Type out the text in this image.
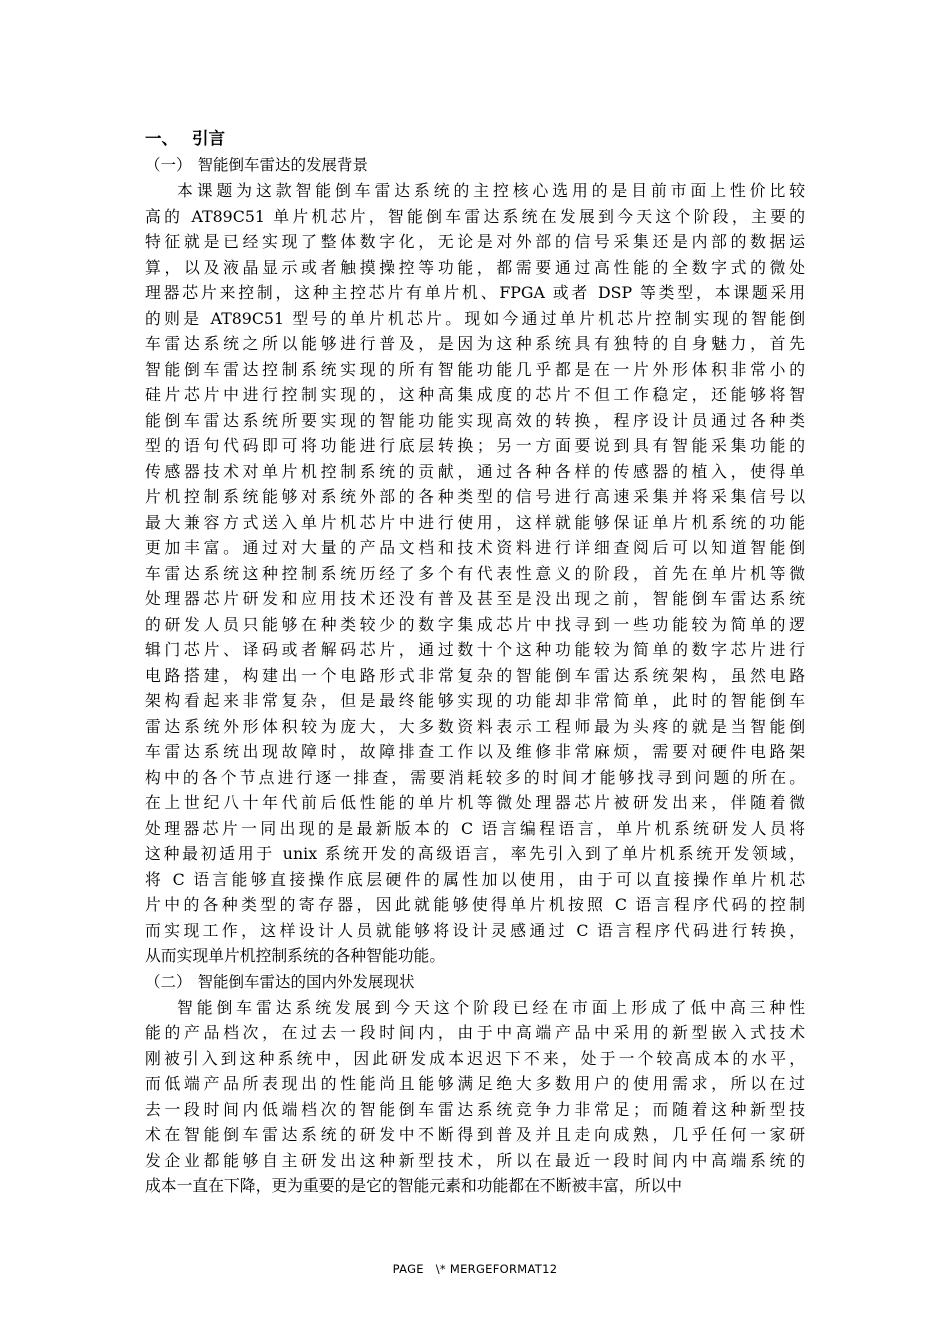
一、 引言
（一） 智能倒车雷达的发展背景
本课题为这款智能倒车雷达系统的主控核心选用的是目前市面上性价比较
高的 AT89C51 单片机芯片，智能倒车雷达系统在发展到今天这个阶段，主要的
特征就是已经实现了整体数字化，无论是对外部的信号采集还是内部的数据运
算，以及液晶显示或者触摸操控等功能，都需要通过高性能的全数字式的微处
理器芯片来控制，这种主控芯片有单片机、FPGA 或者 DSP 等类型，本课题采用
的则是 AT89C51 型号的单片机芯片。现如今通过单片机芯片控制实现的智能倒
车雷达系统之所以能够进行普及，是因为这种系统具有独特的自身魅力，首先
智能倒车雷达控制系统实现的所有智能功能几乎都是在一片外形体积非常小的
硅片芯片中进行控制实现的，这种高集成度的芯片不但工作稳定，还能够将智
能倒车雷达系统所要实现的智能功能实现高效的转换，程序设计员通过各种类
型的语句代码即可将功能进行底层转换；另一方面要说到具有智能采集功能的
传感器技术对单片机控制系统的贡献，通过各种各样的传感器的植入，使得单
片机控制系统能够对系统外部的各种类型的信号进行高速采集并将采集信号以
最大兼容方式送入单片机芯片中进行使用，这样就能够保证单片机系统的功能
更加丰富。通过对大量的产品文档和技术资料进行详细查阅后可以知道智能倒
车雷达系统这种控制系统历经了多个有代表性意义的阶段，首先在单片机等微
处理器芯片研发和应用技术还没有普及甚至是没出现之前，智能倒车雷达系统
的研发人员只能够在种类较少的数字集成芯片中找寻到一些功能较为简单的逻
辑门芯片、译码或者解码芯片，通过数十个这种功能较为简单的数字芯片进行
电路搭建，构建出一个电路形式非常复杂的智能倒车雷达系统架构，虽然电路
架构看起来非常复杂，但是最终能够实现的功能却非常简单，此时的智能倒车
雷达系统外形体积较为庞大，大多数资料表示工程师最为头疼的就是当智能倒
车雷达系统出现故障时，故障排查工作以及维修非常麻烦，需要对硬件电路架
构中的各个节点进行逐一排查，需要消耗较多的时间才能够找寻到问题的所在。
在上世纪八十年代前后低性能的单片机等微处理器芯片被研发出来，伴随着微
处理器芯片一同出现的是最新版本的 C 语言编程语言，单片机系统研发人员将
这种最初适用于 unix 系统开发的高级语言，率先引入到了单片机系统开发领域，
将 C 语言能够直接操作底层硬件的属性加以使用，由于可以直接操作单片机芯
片中的各种类型的寄存器，因此就能够使得单片机按照 C 语言程序代码的控制
而实现工作，这样设计人员就能够将设计灵感通过 C 语言程序代码进行转换，
从而实现单片机控制系统的各种智能功能。
（二） 智能倒车雷达的国内外发展现状
智能倒车雷达系统发展到今天这个阶段已经在市面上形成了低中高三种性
能的产品档次，在过去一段时间内，由于中高端产品中采用的新型嵌入式技术
刚被引入到这种系统中，因此研发成本迟迟下不来，处于一个较高成本的水平，
而低端产品所表现出的性能尚且能够满足绝大多数用户的使用需求，所以在过
去一段时间内低端档次的智能倒车雷达系统竞争力非常足；而随着这种新型技
术在智能倒车雷达系统的研发中不断得到普及并且走向成熟，几乎任何一家研
发企业都能够自主研发出这种新型技术，所以在最近一段时间内中高端系统的
成本一直在下降，更为重要的是它的智能元素和功能都在不断被丰富，所以中
PAGE   \* MERGEFORMAT12
